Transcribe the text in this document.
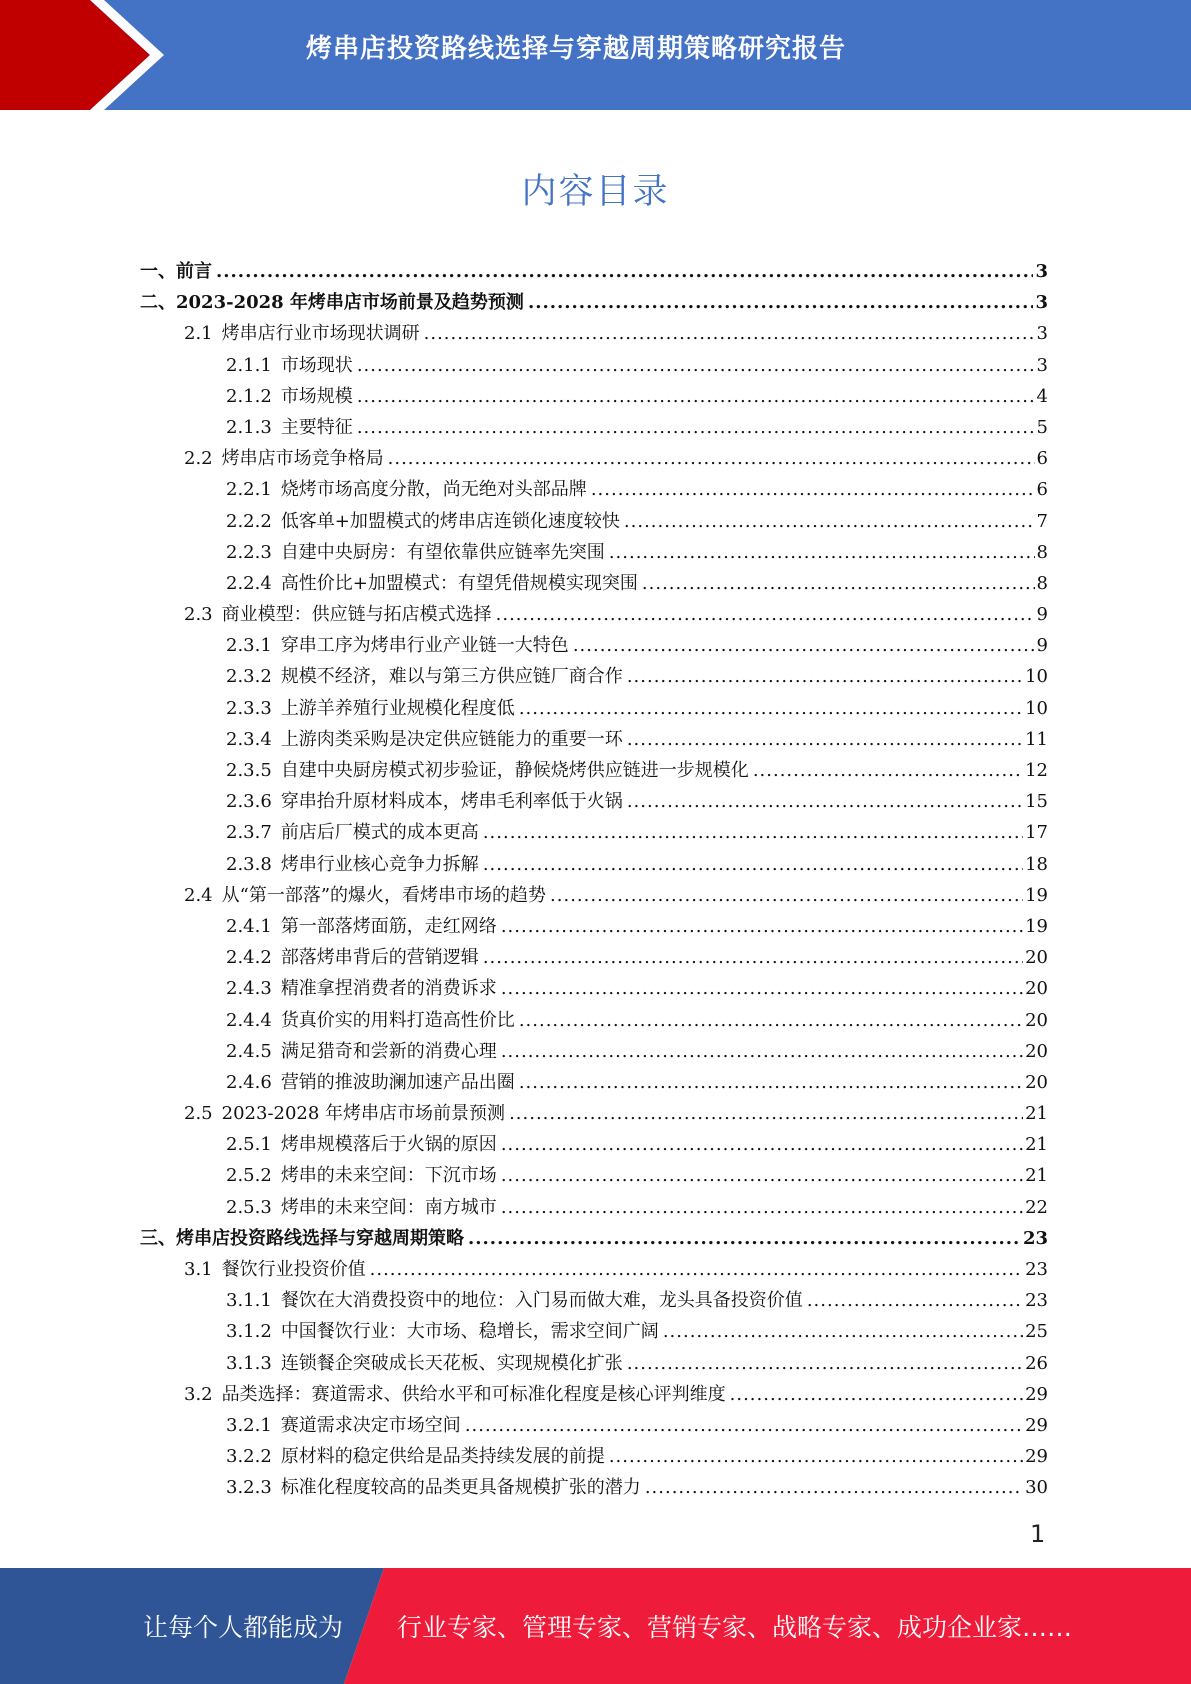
烤串店投资路线选择与穿越周期策略研究报告
内容目录
一、 前言 .....	3
二、 2023-2028 年烤串店市场前景及趋势预测 .....	3
2.1 烤串店行业市场现状调研 .....	3
2.1.1 市场现状 .....	3
2.1.2 市场规模 .....	4
2.1.3 主要特征 .....	5
2.2 烤串店市场竞争格局 .....	6
2.2.1 烧烤市场高度分散，尚无绝对头部品牌 .....	6
2.2.2 低客单+加盟模式的烤串店连锁化速度较快 .....	7
2.2.3 自建中央厨房：有望依靠供应链率先突围 .....	8
2.2.4 高性价比+加盟模式：有望凭借规模实现突围 .....	8
2.3 商业模型：供应链与拓店模式选择 .....	9
2.3.1 穿串工序为烤串行业产业链一大特色 .....	9
2.3.2 规模不经济，难以与第三方供应链厂商合作 .....	10
2.3.3 上游羊养殖行业规模化程度低 .....	10
2.3.4 上游肉类采购是决定供应链能力的重要一环 .....	11
2.3.5 自建中央厨房模式初步验证，静候烧烤供应链进一步规模化 .....	12
2.3.6 穿串抬升原材料成本，烤串毛利率低于火锅 .....	15
2.3.7 前店后厂模式的成本更高 .....	17
2.3.8 烤串行业核心竞争力拆解 .....	18
2.4 从“第一部落”的爆火，看烤串市场的趋势 .....	19
2.4.1 第一部落烤面筋，走红网络 .....	19
2.4.2 部落烤串背后的营销逻辑 .....	20
2.4.3 精准拿捏消费者的消费诉求 .....	20
2.4.4 货真价实的用料打造高性价比 .....	20
2.4.5 满足猎奇和尝新的消费心理 .....	20
2.4.6 营销的推波助澜加速产品出圈 .....	20
2.5 2023-2028 年烤串店市场前景预测 .....	21
2.5.1 烤串规模落后于火锅的原因 .....	21
2.5.2 烤串的未来空间：下沉市场 .....	21
2.5.3 烤串的未来空间：南方城市 .....	22
三、 烤串店投资路线选择与穿越周期策略 .....	23
3.1 餐饮行业投资价值 .....	23
3.1.1 餐饮在大消费投资中的地位：入门易而做大难，龙头具备投资价值 .....	23
3.1.2 中国餐饮行业：大市场、稳增长，需求空间广阔 .....	25
3.1.3 连锁餐企突破成长天花板、实现规模化扩张 .....	26
3.2 品类选择：赛道需求、供给水平和可标准化程度是核心评判维度 .....	29
3.2.1 赛道需求决定市场空间 .....	29
3.2.2 原材料的稳定供给是品类持续发展的前提 .....	29
3.2.3 标准化程度较高的品类更具备规模扩张的潜力 .....	30
1
让每个人都能成为 行业专家、管理专家、营销专家、战略专家、成功企业家……
